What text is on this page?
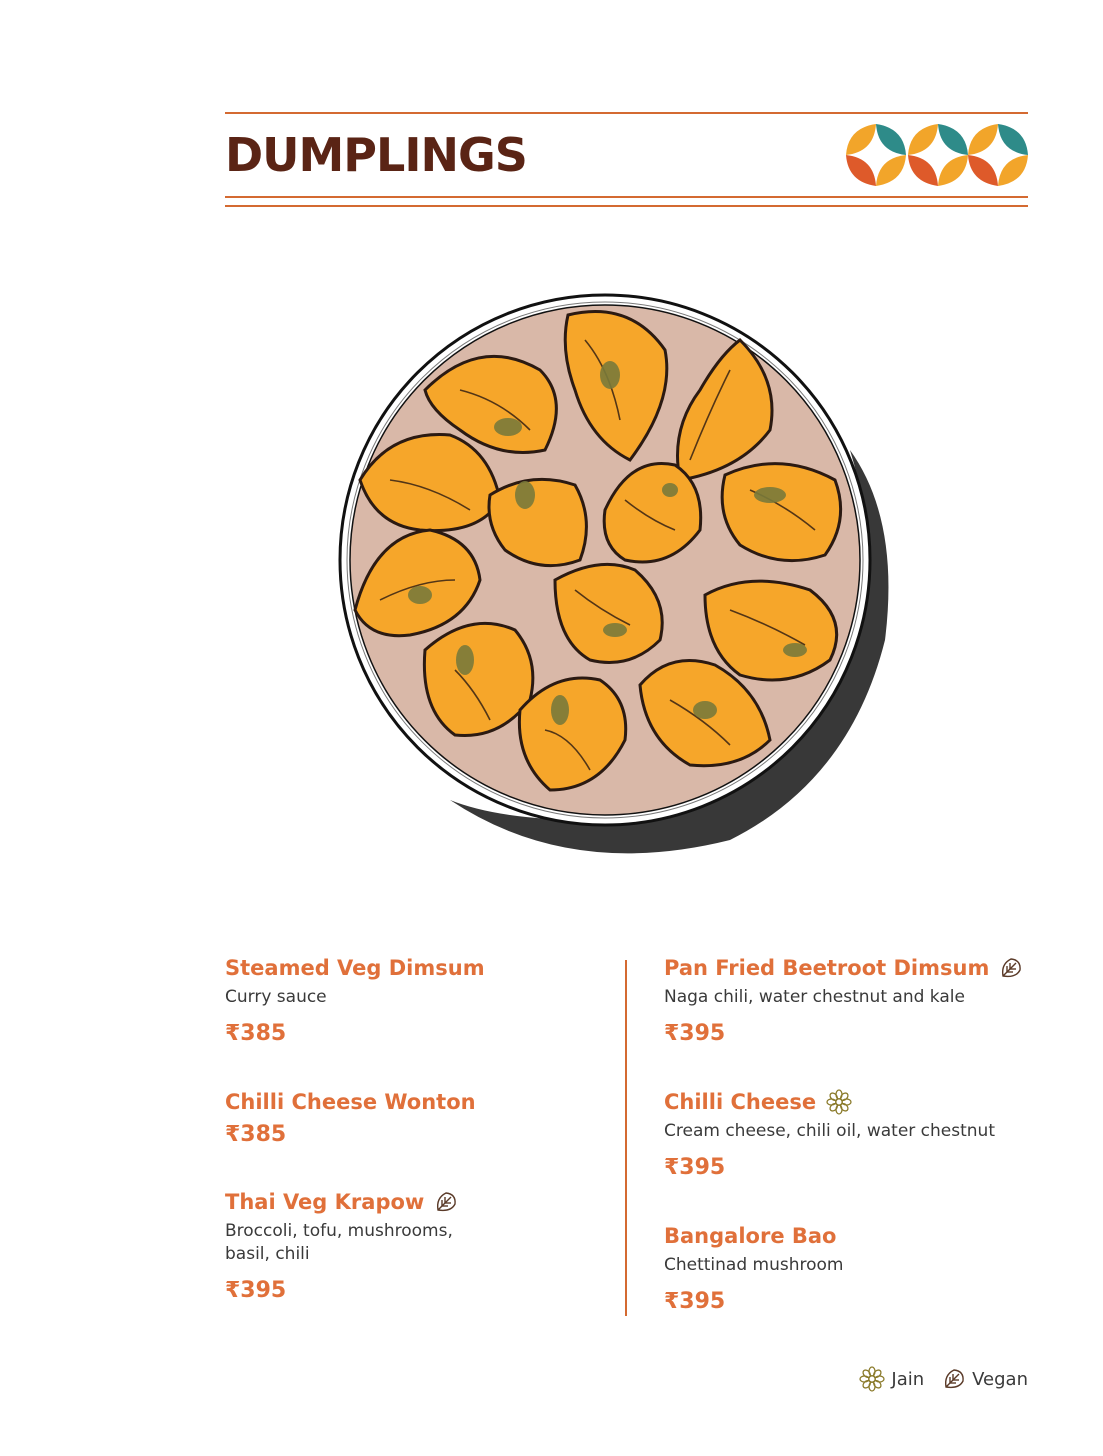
DUMPLINGS
Steamed Veg Dimsum
Curry sauce
₹385
Chilli Cheese Wonton
₹385
Thai Veg Krapow
Broccoli, tofu, mushrooms,
basil, chili
₹395
Pan Fried Beetroot Dimsum
Naga chili, water chestnut and kale
₹395
Chilli Cheese
Cream cheese, chili oil, water chestnut
₹395
Bangalore Bao
Chettinad mushroom
₹395
Jain	Vegan
